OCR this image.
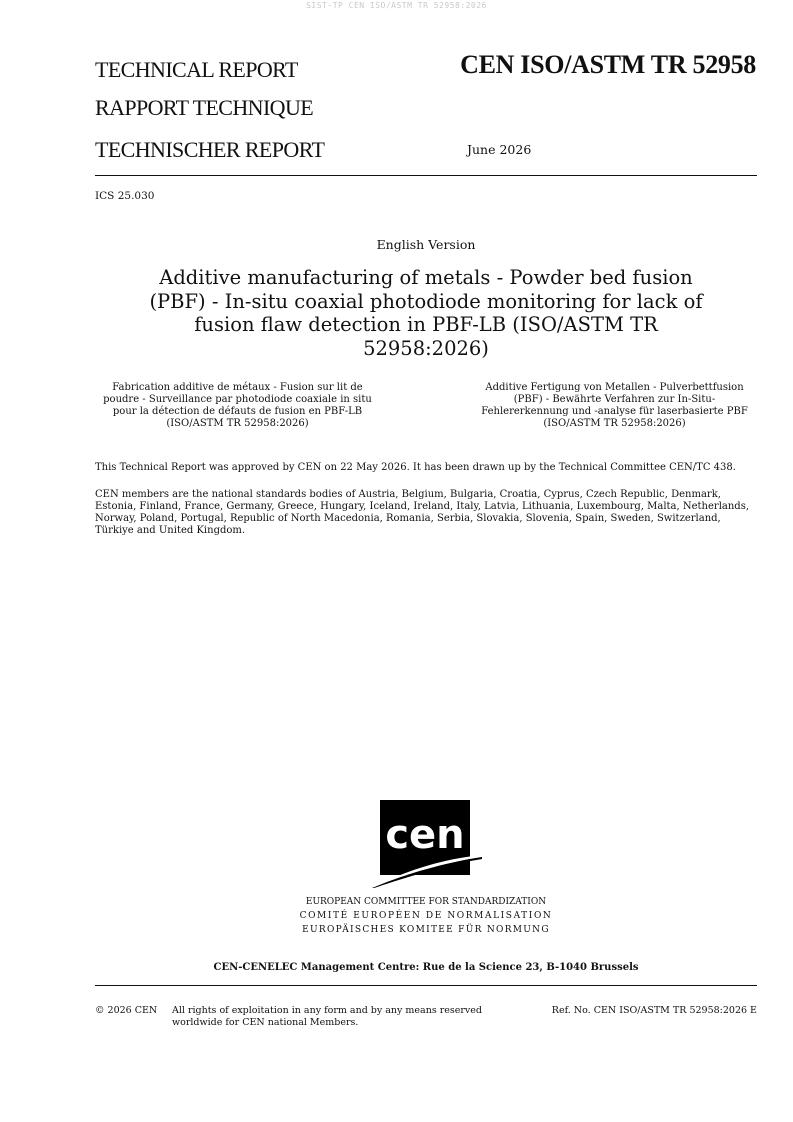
SIST-TP CEN ISO/ASTM TR 52958:2026
TECHNICAL REPORT
RAPPORT TECHNIQUE
TECHNISCHER REPORT
CEN ISO/ASTM TR 52958
June 2026
ICS 25.030
English Version
Additive manufacturing of metals - Powder bed fusion
(PBF) - In-situ coaxial photodiode monitoring for lack of
fusion flaw detection in PBF-LB (ISO/ASTM TR
52958:2026)
Fabrication additive de métaux - Fusion sur lit de
poudre - Surveillance par photodiode coaxiale in situ
pour la détection de défauts de fusion en PBF-LB
(ISO/ASTM TR 52958:2026)
Additive Fertigung von Metallen - Pulverbettfusion
(PBF) - Bewährte Verfahren zur In-Situ-
Fehlererkennung und -analyse für laserbasierte PBF
(ISO/ASTM TR 52958:2026)
This Technical Report was approved by CEN on 22 May 2026. It has been drawn up by the Technical Committee CEN/TC 438.
CEN members are the national standards bodies of Austria, Belgium, Bulgaria, Croatia, Cyprus, Czech Republic, Denmark, Estonia, Finland, France, Germany, Greece, Hungary, Iceland, Ireland, Italy, Latvia, Lithuania, Luxembourg, Malta, Netherlands, Norway, Poland, Portugal, Republic of North Macedonia, Romania, Serbia, Slovakia, Slovenia, Spain, Sweden, Switzerland, Türkiye and United Kingdom.
cen
EUROPEAN COMMITTEE FOR STANDARDIZATION
COMITÉ EUROPÉEN DE NORMALISATION
EUROPÄISCHES KOMITEE FÜR NORMUNG
CEN-CENELEC Management Centre: Rue de la Science 23, B-1040 Brussels
© 2026 CEN All rights of exploitation in any form and by any means reserved
worldwide for CEN national Members.
Ref. No. CEN ISO/ASTM TR 52958:2026 E
